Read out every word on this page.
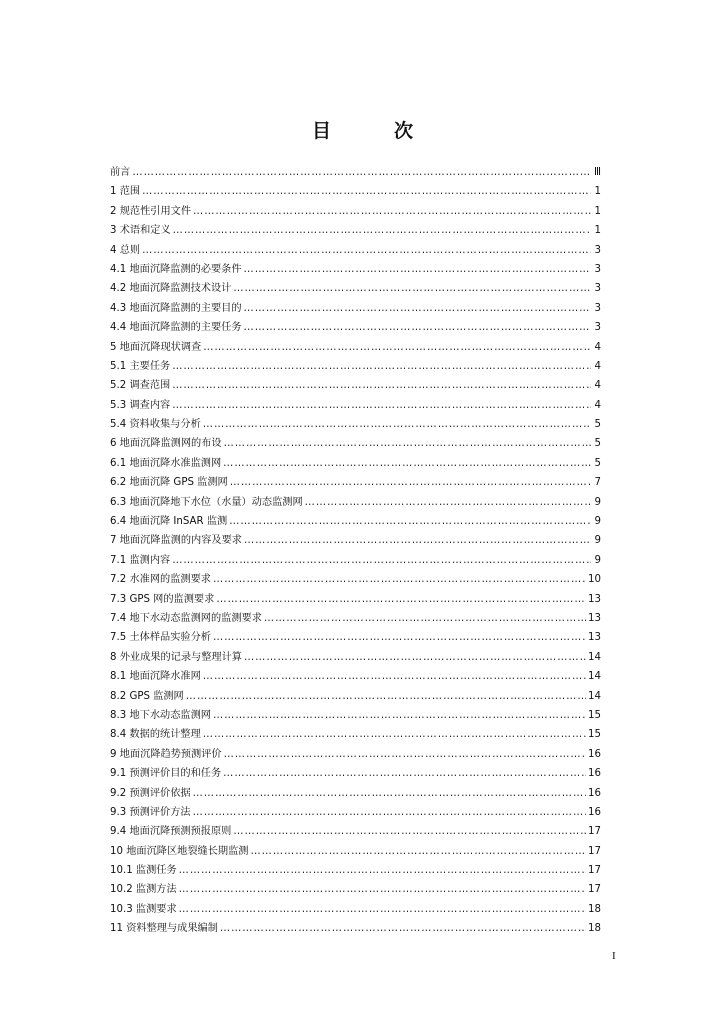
目　次
前言 …………………………………………………………………………………………………………………………………………………………………………………………………	Ⅲ
1 范围 …………………………………………………………………………………………………………………………………………………………………………………………………	1
2 规范性引用文件 …………………………………………………………………………………………………………………………………………………………………………………………………	1
3 术语和定义 …………………………………………………………………………………………………………………………………………………………………………………………………	1
4 总则 …………………………………………………………………………………………………………………………………………………………………………………………………	3
4.1 地面沉降监测的必要条件 …………………………………………………………………………………………………………………………………………………………………………………………………	3
4.2 地面沉降监测技术设计 …………………………………………………………………………………………………………………………………………………………………………………………………	3
4.3 地面沉降监测的主要目的 …………………………………………………………………………………………………………………………………………………………………………………………………	3
4.4 地面沉降监测的主要任务 …………………………………………………………………………………………………………………………………………………………………………………………………	3
5 地面沉降现状调查 …………………………………………………………………………………………………………………………………………………………………………………………………	4
5.1 主要任务 …………………………………………………………………………………………………………………………………………………………………………………………………	4
5.2 调查范围 …………………………………………………………………………………………………………………………………………………………………………………………………	4
5.3 调查内容 …………………………………………………………………………………………………………………………………………………………………………………………………	4
5.4 资料收集与分析 …………………………………………………………………………………………………………………………………………………………………………………………………	5
6 地面沉降监测网的布设 …………………………………………………………………………………………………………………………………………………………………………………………………	5
6.1 地面沉降水准监测网 …………………………………………………………………………………………………………………………………………………………………………………………………	5
6.2 地面沉降 GPS 监测网 …………………………………………………………………………………………………………………………………………………………………………………………………	7
6.3 地面沉降地下水位（水量）动态监测网 …………………………………………………………………………………………………………………………………………………………………………………………………	9
6.4 地面沉降 InSAR 监测 …………………………………………………………………………………………………………………………………………………………………………………………………	9
7 地面沉降监测的内容及要求 …………………………………………………………………………………………………………………………………………………………………………………………………	9
7.1 监测内容 …………………………………………………………………………………………………………………………………………………………………………………………………	9
7.2 水准网的监测要求 …………………………………………………………………………………………………………………………………………………………………………………………………	10
7.3 GPS 网的监测要求 …………………………………………………………………………………………………………………………………………………………………………………………………	13
7.4 地下水动态监测网的监测要求 …………………………………………………………………………………………………………………………………………………………………………………………………	13
7.5 土体样品实验分析 …………………………………………………………………………………………………………………………………………………………………………………………………	13
8 外业成果的记录与整理计算 …………………………………………………………………………………………………………………………………………………………………………………………………	14
8.1 地面沉降水准网 …………………………………………………………………………………………………………………………………………………………………………………………………	14
8.2 GPS 监测网 …………………………………………………………………………………………………………………………………………………………………………………………………	14
8.3 地下水动态监测网 …………………………………………………………………………………………………………………………………………………………………………………………………	15
8.4 数据的统计整理 …………………………………………………………………………………………………………………………………………………………………………………………………	15
9 地面沉降趋势预测评价 …………………………………………………………………………………………………………………………………………………………………………………………………	16
9.1 预测评价目的和任务 …………………………………………………………………………………………………………………………………………………………………………………………………	16
9.2 预测评价依据 …………………………………………………………………………………………………………………………………………………………………………………………………	16
9.3 预测评价方法 …………………………………………………………………………………………………………………………………………………………………………………………………	16
9.4 地面沉降预测预报原则 …………………………………………………………………………………………………………………………………………………………………………………………………	17
10 地面沉降区地裂缝长期监测 …………………………………………………………………………………………………………………………………………………………………………………………………	17
10.1 监测任务 …………………………………………………………………………………………………………………………………………………………………………………………………	17
10.2 监测方法 …………………………………………………………………………………………………………………………………………………………………………………………………	17
10.3 监测要求 …………………………………………………………………………………………………………………………………………………………………………………………………	18
11 资料整理与成果编制 …………………………………………………………………………………………………………………………………………………………………………………………………	18
I
